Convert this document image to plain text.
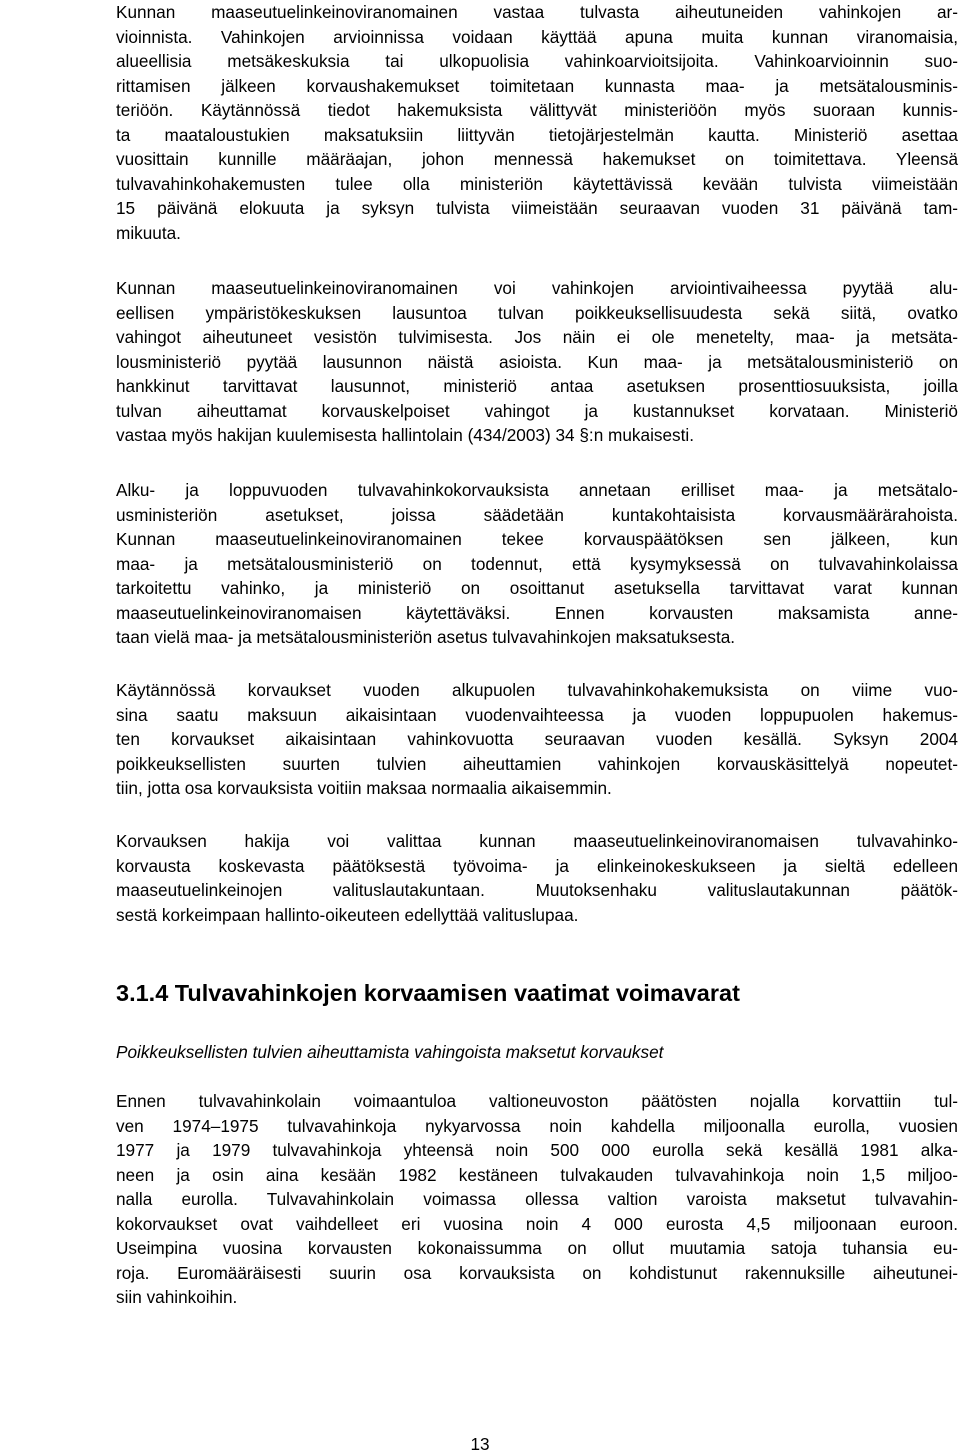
Kunnan maaseutuelinkeinoviranomainen vastaa tulvasta aiheutuneiden vahinkojen ar-
vioinnista. Vahinkojen arvioinnissa voidaan käyttää apuna muita kunnan viranomaisia,
alueellisia metsäkeskuksia tai ulkopuolisia vahinkoarvioitsijoita. Vahinkoarvioinnin suo-
rittamisen jälkeen korvaushakemukset toimitetaan kunnasta maa- ja metsätalousminis-
teriöön. Käytännössä tiedot hakemuksista välittyvät ministeriöön myös suoraan kunnis-
ta maataloustukien maksatuksiin liittyvän tietojärjestelmän kautta. Ministeriö asettaa
vuosittain kunnille määräajan, johon mennessä hakemukset on toimitettava. Yleensä
tulvavahinkohakemusten tulee olla ministeriön käytettävissä kevään tulvista viimeistään
15 päivänä elokuuta ja syksyn tulvista viimeistään seuraavan vuoden 31 päivänä tam-
mikuuta.
Kunnan maaseutuelinkeinoviranomainen voi vahinkojen arviointivaiheessa pyytää alu-
eellisen ympäristökeskuksen lausuntoa tulvan poikkeuksellisuudesta sekä siitä, ovatko
vahingot aiheutuneet vesistön tulvimisesta. Jos näin ei ole menetelty, maa- ja metsäta-
lousministeriö pyytää lausunnon näistä asioista. Kun maa- ja metsätalousministeriö on
hankkinut tarvittavat lausunnot, ministeriö antaa asetuksen prosenttiosuuksista, joilla
tulvan aiheuttamat korvauskelpoiset vahingot ja kustannukset korvataan. Ministeriö
vastaa myös hakijan kuulemisesta hallintolain (434/2003) 34 §:n mukaisesti.
Alku- ja loppuvuoden tulvavahinkokorvauksista annetaan erilliset maa- ja metsätalo-
usministeriön asetukset, joissa säädetään kuntakohtaisista korvausmäärärahoista.
Kunnan maaseutuelinkeinoviranomainen tekee korvauspäätöksen sen jälkeen, kun
maa- ja metsätalousministeriö on todennut, että kysymyksessä on tulvavahinkolaissa
tarkoitettu vahinko, ja ministeriö on osoittanut asetuksella tarvittavat varat kunnan
maaseutuelinkeinoviranomaisen käytettäväksi. Ennen korvausten maksamista anne-
taan vielä maa- ja metsätalousministeriön asetus tulvavahinkojen maksatuksesta.
Käytännössä korvaukset vuoden alkupuolen tulvavahinkohakemuksista on viime vuo-
sina saatu maksuun aikaisintaan vuodenvaihteessa ja vuoden loppupuolen hakemus-
ten korvaukset aikaisintaan vahinkovuotta seuraavan vuoden kesällä. Syksyn 2004
poikkeuksellisten suurten tulvien aiheuttamien vahinkojen korvauskäsittelyä nopeutet-
tiin, jotta osa korvauksista voitiin maksaa normaalia aikaisemmin.
Korvauksen hakija voi valittaa kunnan maaseutuelinkeinoviranomaisen tulvavahinko-
korvausta koskevasta päätöksestä työvoima- ja elinkeinokeskukseen ja sieltä edelleen
maaseutuelinkeinojen valituslautakuntaan. Muutoksenhaku valituslautakunnan päätök-
sestä korkeimpaan hallinto-oikeuteen edellyttää valituslupaa.
3.1.4 Tulvavahinkojen korvaamisen vaatimat voimavarat
Poikkeuksellisten tulvien aiheuttamista vahingoista maksetut korvaukset
Ennen tulvavahinkolain voimaantuloa valtioneuvoston päätösten nojalla korvattiin tul-
ven 1974–1975 tulvavahinkoja nykyarvossa noin kahdella miljoonalla eurolla, vuosien
1977 ja 1979 tulvavahinkoja yhteensä noin 500 000 eurolla sekä kesällä 1981 alka-
neen ja osin aina kesään 1982 kestäneen tulvakauden tulvavahinkoja noin 1,5 miljoo-
nalla eurolla. Tulvavahinkolain voimassa ollessa valtion varoista maksetut tulvavahin-
kokorvaukset ovat vaihdelleet eri vuosina noin 4 000 eurosta 4,5 miljoonaan euroon.
Useimpina vuosina korvausten kokonaissumma on ollut muutamia satoja tuhansia eu-
roja. Euromääräisesti suurin osa korvauksista on kohdistunut rakennuksille aiheutunei-
siin vahinkoihin.
13
